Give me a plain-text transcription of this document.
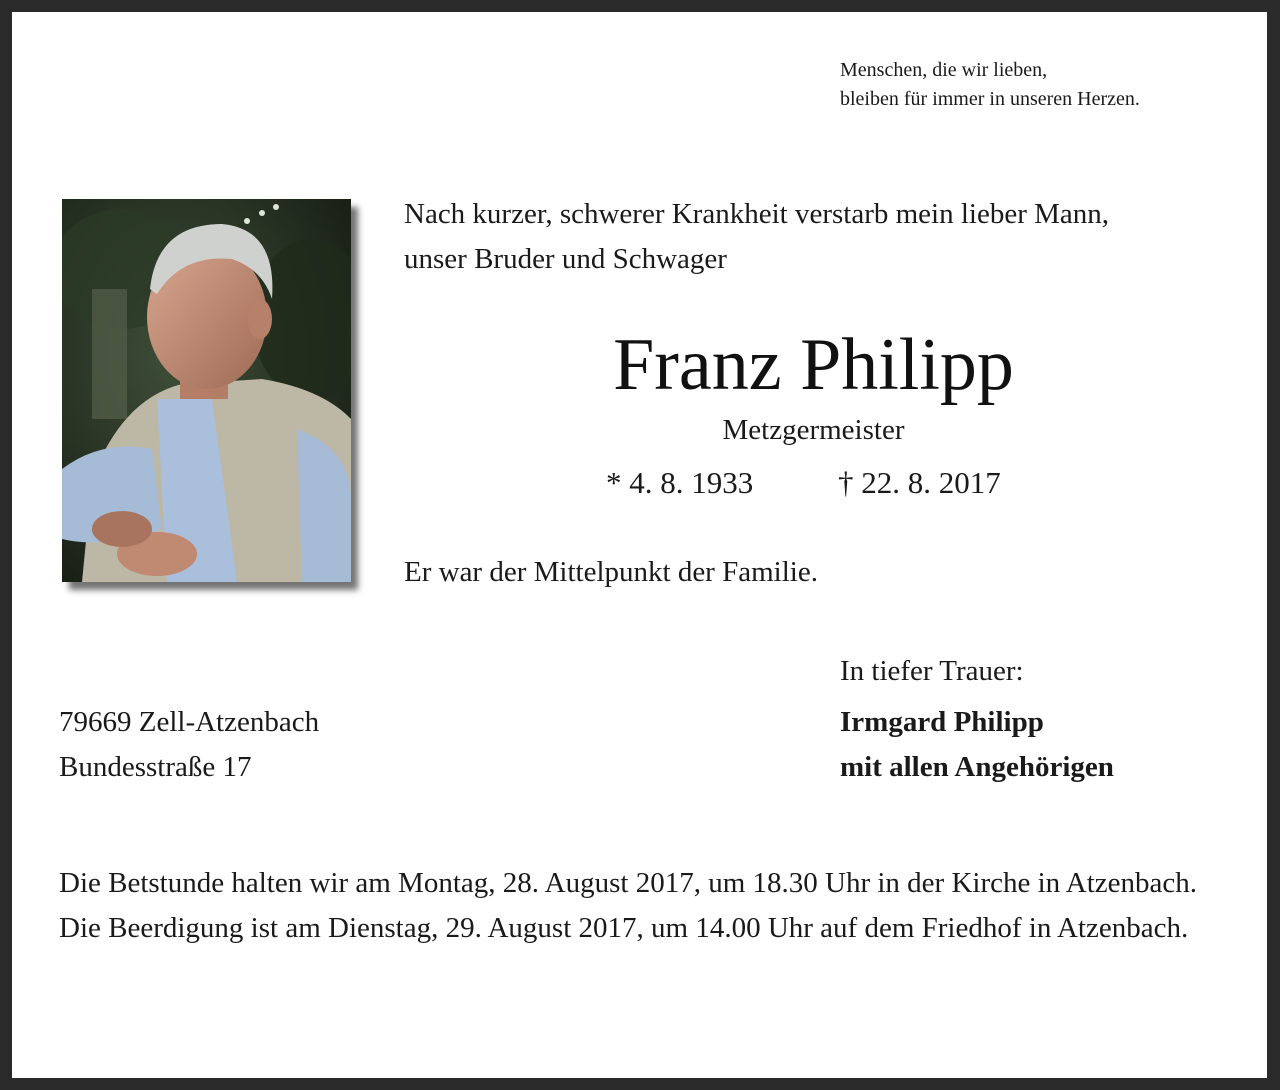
Menschen, die wir lieben,
bleiben für immer in unseren Herzen.
Nach kurzer, schwerer Krankheit verstarb mein lieber Mann,
unser Bruder und Schwager
Franz Philipp
Metzgermeister
* 4. 8. 1933	† 22. 8. 2017
Er war der Mittelpunkt der Familie.
In tiefer Trauer:
Irmgard Philipp
mit allen Angehörigen
79669 Zell-Atzenbach
Bundesstraße 17

Die Betstunde halten wir am Montag, 28. August 2017, um 18.30 Uhr in der Kirche in Atzenbach.

Die Beerdigung ist am Dienstag, 29. August 2017, um 14.00 Uhr auf dem Friedhof in Atzenbach.
